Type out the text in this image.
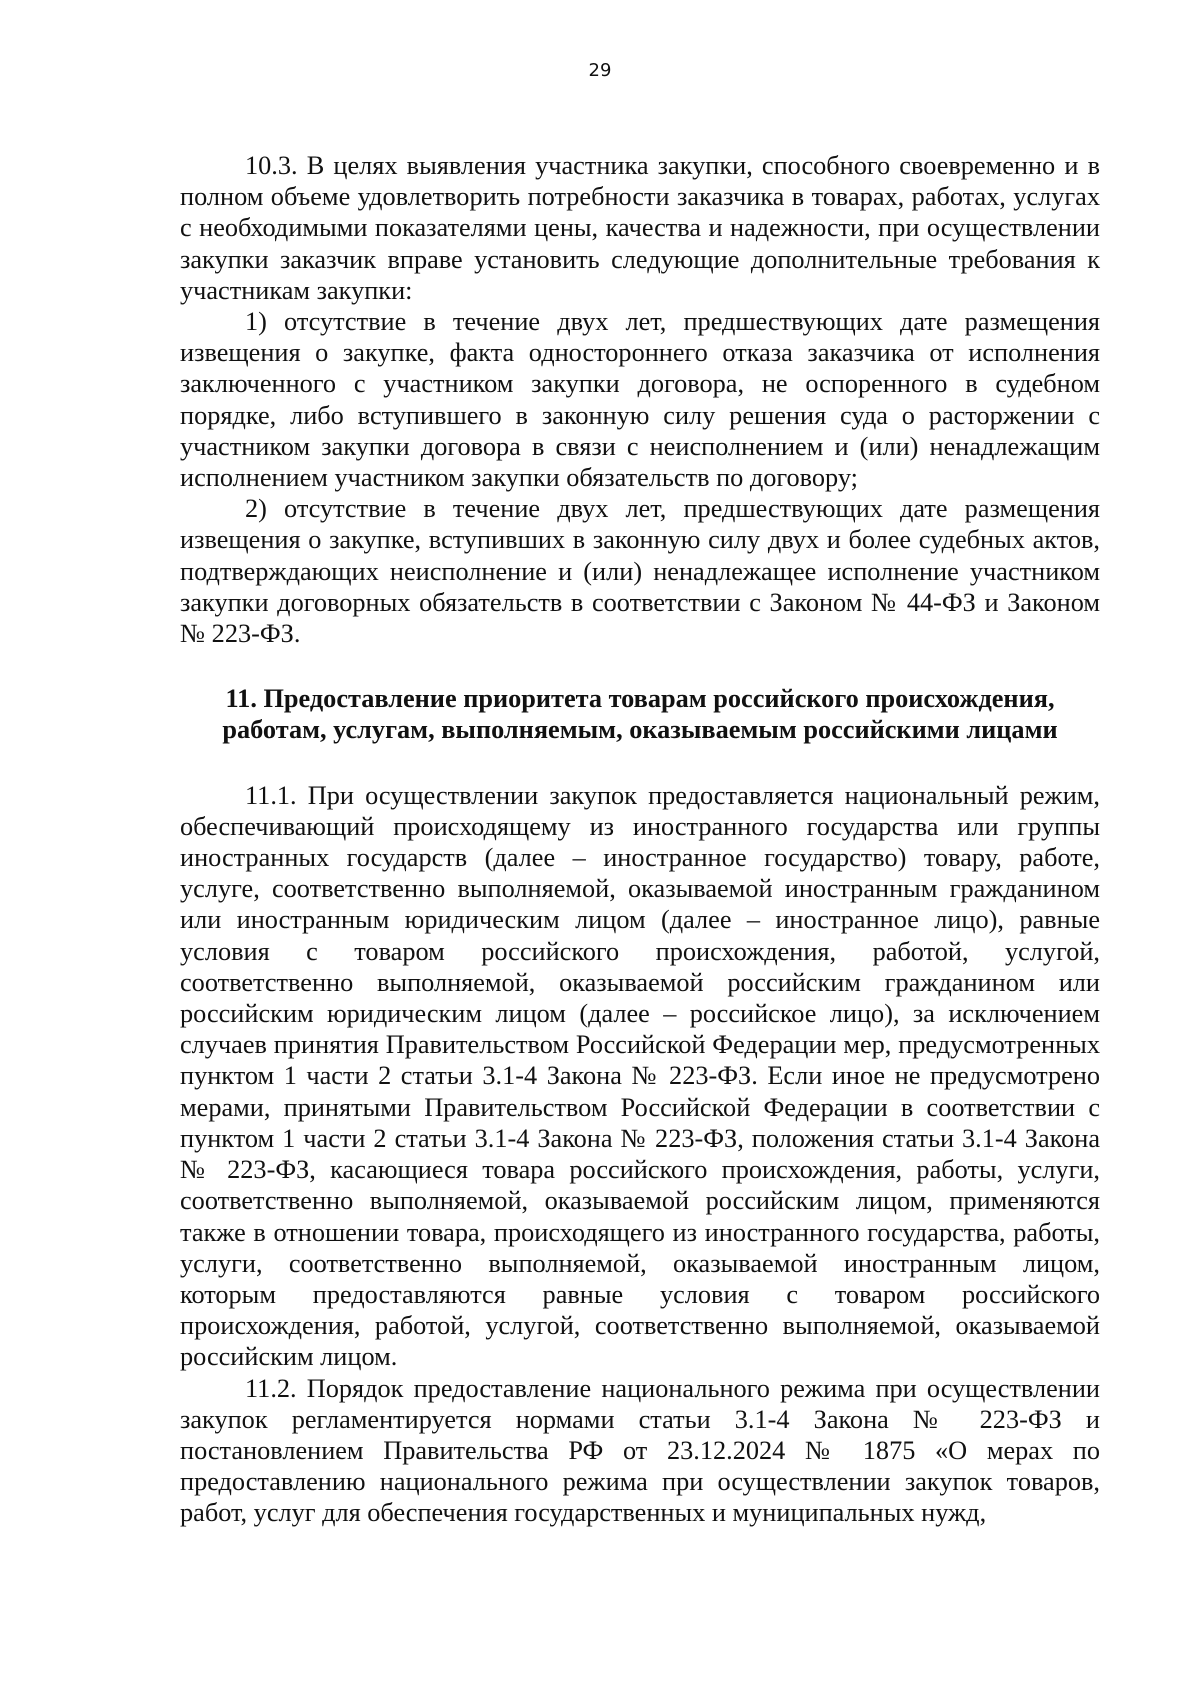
29

10.3. В целях выявления участника закупки, способного своевременно и в полном объеме удовлетворить потребности заказчика в товарах, работах, услугах с необходимыми показателями цены, качества и надежности, при осуществлении закупки заказчик вправе установить следующие дополнительные требования к участникам закупки:

1) отсутствие в течение двух лет, предшествующих дате размещения извещения о закупке, факта одностороннего отказа заказчика от исполнения заключенного с участником закупки договора, не оспоренного в судебном порядке, либо вступившего в законную силу решения суда о расторжении с участником закупки договора в связи с неисполнением и (или) ненадлежащим исполнением участником закупки обязательств по договору;

2) отсутствие в течение двух лет, предшествующих дате размещения извещения о закупке, вступивших в законную силу двух и более судебных актов, подтверждающих неисполнение и (или) ненадлежащее исполнение участником закупки договорных обязательств в соответствии с Законом № 44-ФЗ и Законом № 223-ФЗ.

11. Предоставление приоритета товарам российского происхождения,
работам, услугам, выполняемым, оказываемым российскими лицами

11.1. При осуществлении закупок предоставляется национальный режим, обеспечивающий происходящему из иностранного государства или группы иностранных государств (далее – иностранное государство) товару, работе, услуге, соответственно выполняемой, оказываемой иностранным гражданином или иностранным юридическим лицом (далее – иностранное лицо), равные условия с товаром российского происхождения, работой, услугой, соответственно выполняемой, оказываемой российским гражданином или российским юридическим лицом (далее – российское лицо), за исключением случаев принятия Правительством Российской Федерации мер, предусмотренных пунктом 1 части 2 статьи 3.1-4 Закона № 223-ФЗ. Если иное не предусмотрено мерами, принятыми Правительством Российской Федерации в соответствии с пунктом 1 части 2 статьи 3.1-4 Закона № 223-ФЗ, положения статьи 3.1-4 Закона № 223-ФЗ, касающиеся товара российского происхождения, работы, услуги, соответственно выполняемой, оказываемой российским лицом, применяются также в отношении товара, происходящего из иностранного государства, работы, услуги, соответственно выполняемой, оказываемой иностранным лицом, которым предоставляются равные условия с товаром российского происхождения, работой, услугой, соответственно выполняемой, оказываемой российским лицом.

11.2. Порядок предоставление национального режима при осуществлении закупок регламентируется нормами статьи 3.1-4 Закона № 223-ФЗ и постановлением Правительства РФ от 23.12.2024 № 1875 «О мерах по предоставлению национального режима при осуществлении закупок товаров, работ, услуг для обеспечения государственных и муниципальных нужд,
